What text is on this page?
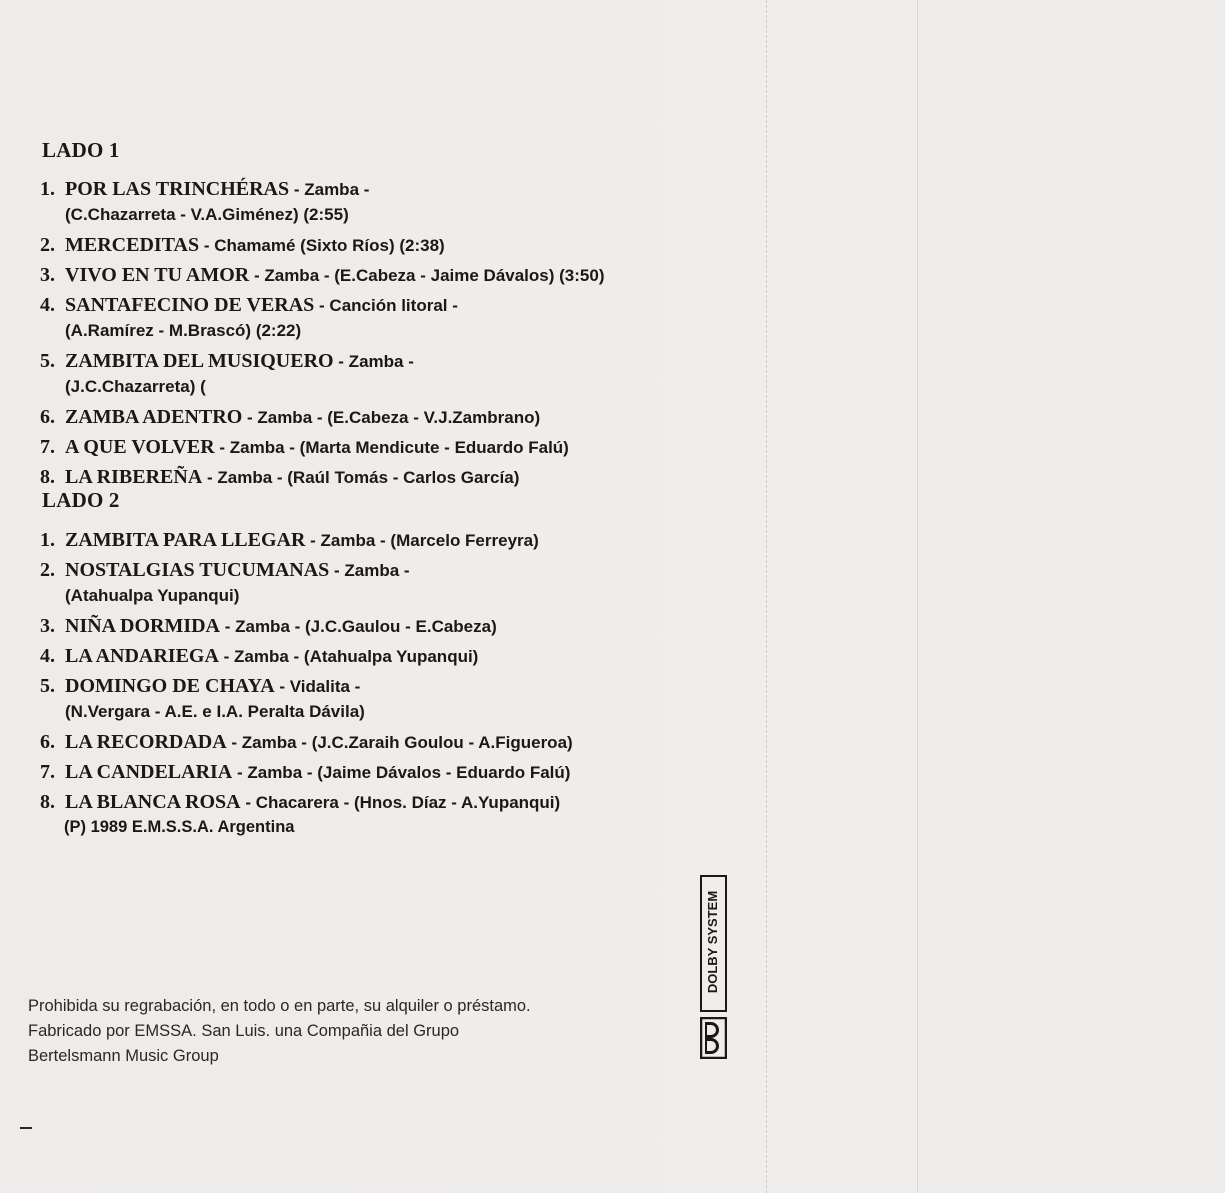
LADO 1
1. POR LAS TRINCHÉRAS - Zamba -
(C.Chazarreta - V.A.Giménez) (2:55)
2. MERCEDITAS - Chamamé (Sixto Ríos) (2:38)
3. VIVO EN TU AMOR - Zamba - (E.Cabeza - Jaime Dávalos) (3:50)
4. SANTAFECINO DE VERAS - Canción litoral -
(A.Ramírez - M.Brascó) (2:22)
5. ZAMBITA DEL MUSIQUERO - Zamba -
(J.C.Chazarreta) (
6. ZAMBA ADENTRO - Zamba - (E.Cabeza - V.J.Zambrano)
7. A QUE VOLVER - Zamba - (Marta Mendicute - Eduardo Falú)
8. LA RIBEREÑA - Zamba - (Raúl Tomás - Carlos García)
LADO 2
1. ZAMBITA PARA LLEGAR - Zamba - (Marcelo Ferreyra)
2. NOSTALGIAS TUCUMANAS - Zamba -
(Atahualpa Yupanqui)
3. NIÑA DORMIDA - Zamba - (J.C.Gaulou - E.Cabeza)
4. LA ANDARIEGA - Zamba - (Atahualpa Yupanqui)
5. DOMINGO DE CHAYA - Vidalita -
(N.Vergara - A.E. e I.A. Peralta Dávila)
6. LA RECORDADA - Zamba - (J.C.Zaraih Goulou - A.Figueroa)
7. LA CANDELARIA - Zamba - (Jaime Dávalos - Eduardo Falú)
8. LA BLANCA ROSA - Chacarera - (Hnos. Díaz - A.Yupanqui)
(P) 1989 E.M.S.S.A. Argentina
Prohibida su regrabación, en todo o en parte, su alquiler o préstamo.
Fabricado por EMSSA. San Luis. una Compañia del Grupo
Bertelsmann Music Group
DOLBY SYSTEM
